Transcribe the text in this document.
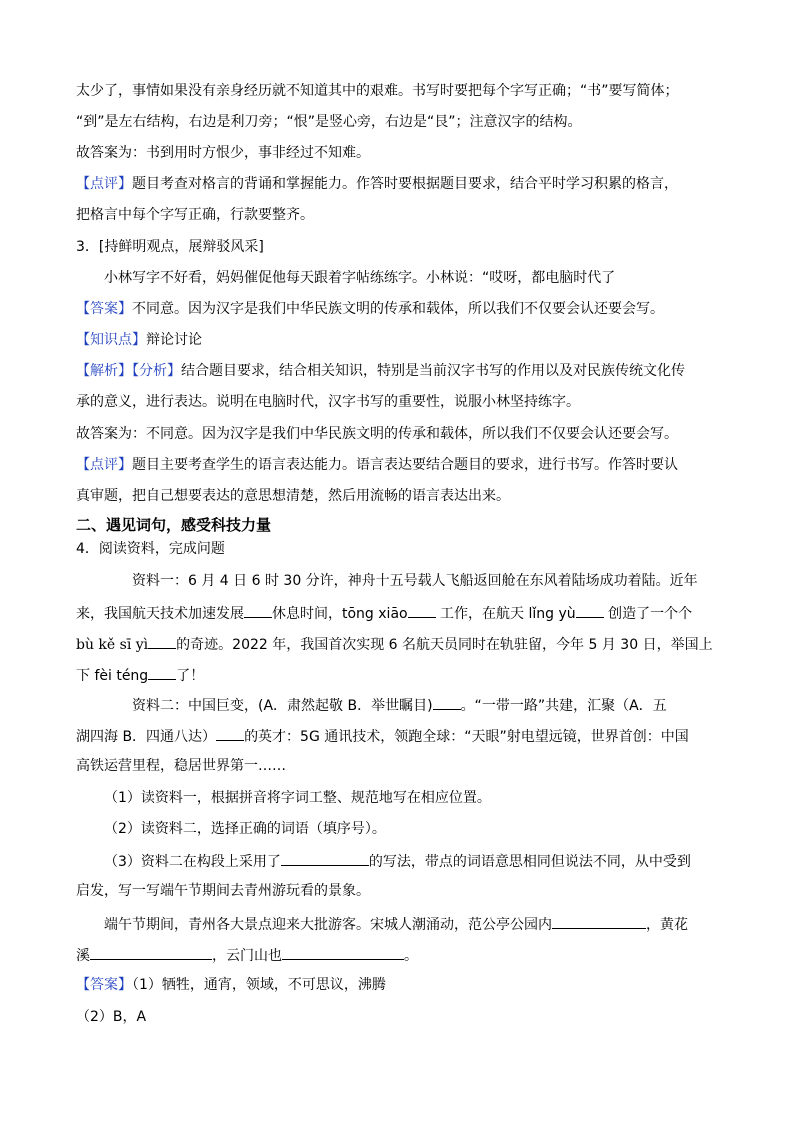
太少了，事情如果没有亲身经历就不知道其中的艰难。书写时要把每个字写正确；“书”要写简体；
“到”是左右结构，右边是利刀旁；“恨”是竖心旁，右边是“艮”；注意汉字的结构。
故答案为：书到用时方恨少，事非经过不知难。
【点评】题目考查对格言的背诵和掌握能力。作答时要根据题目要求，结合平时学习积累的格言，
把格言中每个字写正确，行款要整齐。
3．[持鲜明观点，展辩驳风采]
小林写字不好看，妈妈催促他每天跟着字帖练练字。小林说：“哎呀，都电脑时代了
【答案】不同意。因为汉字是我们中华民族文明的传承和载体，所以我们不仅要会认还要会写。
【知识点】辩论讨论
【解析】【分析】结合题目要求，结合相关知识，特别是当前汉字书写的作用以及对民族传统文化传
承的意义，进行表达。说明在电脑时代，汉字书写的重要性，说服小林坚持练字。
故答案为：不同意。因为汉字是我们中华民族文明的传承和载体，所以我们不仅要会认还要会写。
【点评】题目主要考查学生的语言表达能力。语言表达要结合题目的要求，进行书写。作答时要认
真审题，把自己想要表达的意思想清楚，然后用流畅的语言表达出来。
二、遇见词句，感受科技力量
4．阅读资料，完成问题
资料一：6 月 4 日 6 时 30 分许，神舟十五号载人飞船返回舱在东风着陆场成功着陆。近年
来，我国航天技术加速发展 休息时间，tōng xiāo 工作，在航天 lǐng yù 创造了一个个
bù kě sī yì 的奇迹。2022 年，我国首次实现 6 名航天员同时在轨驻留，今年 5 月 30 日，举国上
下 fèi téng 了！
资料二：中国巨变，(A．肃然起敬 B．举世瞩目) 。“一带一路”共建，汇聚（A．五
湖四海 B．四通八达） 的英才：5G 通讯技术，领跑全球：“天眼”射电望远镜，世界首创：中国
高铁运营里程，稳居世界第一……
（1）读资料一，根据拼音将字词工整、规范地写在相应位置。
（2）读资料二，选择正确的词语（填序号）。
（3）资料二在构段上采用了	的写法，带点的词语意思相同但说法不同，从中受到
启发，写一写端午节期间去青州游玩看的景象。
端午节期间，青州各大景点迎来大批游客。宋城人潮涌动，范公亭公园内	，黄花
溪	，云门山也	。
【答案】（1）牺牲，通宵，领域，不可思议，沸腾
（2）B，A
